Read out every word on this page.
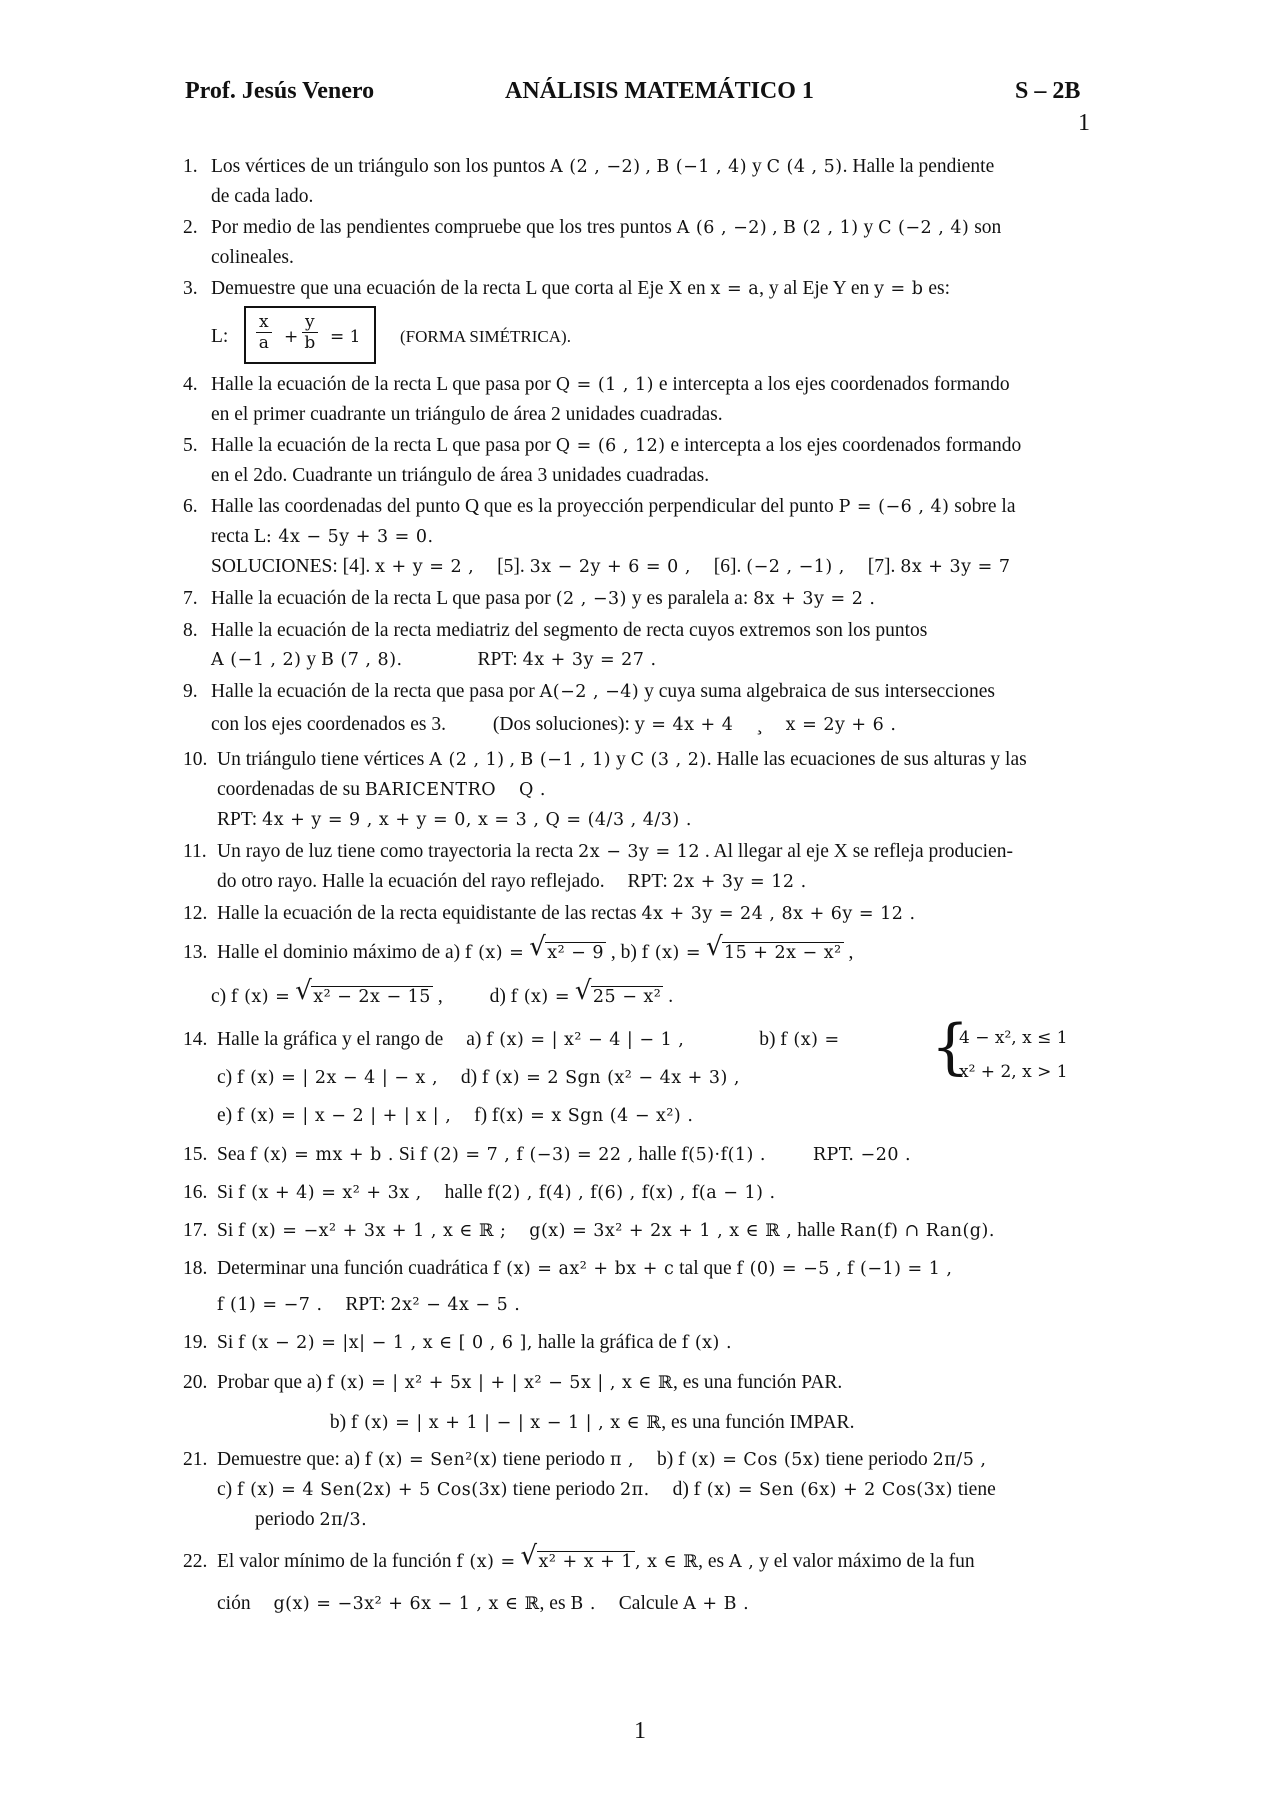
Prof. Jesús Venero	ANÁLISIS MATEMÁTICO 1	S – 2B
1
1. Los vértices de un triángulo son los puntos A (2 , −2) , B (−1 , 4) y C (4 , 5). Halle la pendiente
de cada lado.
2. Por medio de las pendientes compruebe que los tres puntos A (6 , −2) , B (2 , 1) y C (−2 , 4) son
colineales.
3. Demuestre que una ecuación de la recta L que corta al Eje X en x = a, y al Eje Y en y = b es:
L: $\frac{x}{a} + \frac{y}{b} = 1$ (FORMA SIMÉTRICA).
4. Halle la ecuación de la recta L que pasa por Q = (1 , 1) e intercepta a los ejes coordenados formando
en el primer cuadrante un triángulo de área 2 unidades cuadradas.
5. Halle la ecuación de la recta L que pasa por Q = (6 , 12) e intercepta a los ejes coordenados formando
en el 2do. Cuadrante un triángulo de área 3 unidades cuadradas.
6. Halle las coordenadas del punto Q que es la proyección perpendicular del punto P = (−6 , 4) sobre la
recta L: 4x − 5y + 3 = 0.
SOLUCIONES: [4]. x + y = 2 , [5]. 3x − 2y + 6 = 0 , [6]. (−2 , −1) , [7]. 8x + 3y = 7
7. Halle la ecuación de la recta L que pasa por (2 , −3) y es paralela a: 8x + 3y = 2 .
8. Halle la ecuación de la recta mediatriz del segmento de recta cuyos extremos son los puntos
A (−1 , 2) y B (7 , 8).	RPT: 4x + 3y = 27 .
9. Halle la ecuación de la recta que pasa por A(−2 , −4) y cuya suma algebraica de sus intersecciones
con los ejes coordenados es 3. (Dos soluciones): y = 4x + 4 ¸ x = 2y + 6 .
10. Un triángulo tiene vértices A (2 , 1) , B (−1 , 1) y C (3 , 2). Halle las ecuaciones de sus alturas y las
coordenadas de su BARICENTRO Q .
RPT: 4x + y = 9 , x + y = 0, x = 3 , Q = (4/3 , 4/3) .
11. Un rayo de luz tiene como trayectoria la recta 2x − 3y = 12 . Al llegar al eje X se refleja producien-
do otro rayo. Halle la ecuación del rayo reflejado. RPT: 2x + 3y = 12 .
12. Halle la ecuación de la recta equidistante de las rectas 4x + 3y = 24 , 8x + 6y = 12 .
13. Halle el dominio máximo de a) f (x) = √ x² − 9 , b) f (x) = √ 15 + 2x − x² ,
c) f (x) = √ x² − 2x − 15 , d) f (x) = √ 25 − x² .
14. Halle la gráfica y el rango de a) f (x) = | x² − 4 | − 1 ,	b) f (x) = {
4 − x², x ≤ 1
x² + 2, x > 1

c) f (x) = | 2x − 4 | − x , d) f (x) = 2 Sgn (x² − 4x + 3) ,
e) f (x) = | x − 2 | + | x | , f) f(x) = x Sgn (4 − x²) .
15. Sea f (x) = mx + b . Si f (2) = 7 , f (−3) = 22 , halle f(5)·f(1) .	RPT. −20 .
16. Si f (x + 4) = x² + 3x , halle f(2) , f(4) , f(6) , f(x) , f(a − 1) .
17. Si f (x) = −x² + 3x + 1 , x ∈ ℝ ; g(x) = 3x² + 2x + 1 , x ∈ ℝ , halle Ran(f) ∩ Ran(g).
18. Determinar una función cuadrática f (x) = ax² + bx + c tal que f (0) = −5 , f (−1) = 1 ,
f (1) = −7 . RPT: 2x² − 4x − 5 .
19. Si f (x − 2) = |x| − 1 , x ∈ [ 0 , 6 ], halle la gráfica de f (x) .
20. Probar que a) f (x) = | x² + 5x | + | x² − 5x | , x ∈ ℝ, es una función PAR.
b) f (x) = | x + 1 | − | x − 1 | , x ∈ ℝ, es una función IMPAR.
21. Demuestre que: a) f (x) = Sen²(x) tiene periodo π , b) f (x) = Cos (5x) tiene periodo 2π/5 ,
c) f (x) = 4 Sen(2x) + 5 Cos(3x) tiene periodo 2π. d) f (x) = Sen (6x) + 2 Cos(3x) tiene
periodo 2π/3.
22. El valor mínimo de la función f (x) = √ x² + x + 1 , x ∈ ℝ, es A , y el valor máximo de la fun
ción g(x) = −3x² + 6x − 1 , x ∈ ℝ, es B . Calcule A + B .
1
